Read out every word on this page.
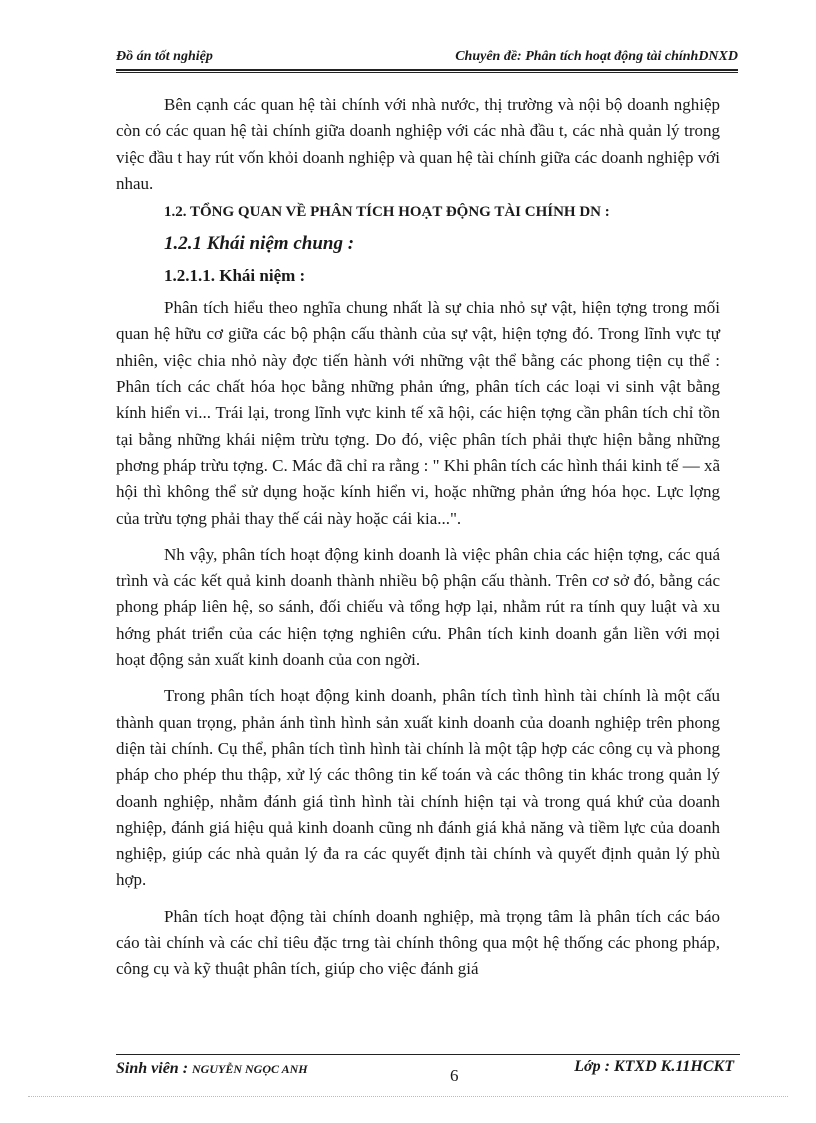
Đồ án tốt nghiệp	Chuyên đề: Phân tích hoạt động tài chínhDNXD

Bên cạnh các quan hệ tài chính với nhà nước, thị trường và nội bộ doanh nghiệp còn có các quan hệ tài chính giữa doanh nghiệp với các nhà đầu t, các nhà quản lý trong việc đầu t hay rút vốn khỏi doanh nghiệp và quan hệ tài chính giữa các doanh nghiệp với nhau.

1.2. TỔNG QUAN VỀ PHÂN TÍCH HOẠT ĐỘNG TÀI CHÍNH DN :
1.2.1 Khái niệm chung :
1.2.1.1. Khái niệm :

Phân tích hiểu theo nghĩa chung nhất là sự chia nhỏ sự vật, hiện tợng trong mối quan hệ hữu cơ giữa các bộ phận cấu thành của sự vật, hiện tợng đó. Trong lĩnh vực tự nhiên, việc chia nhỏ này đợc tiến hành với những vật thể bằng các phong tiện cụ thể : Phân tích các chất hóa học bằng những phản ứng, phân tích các loại vi sinh vật bằng kính hiển vi... Trái lại, trong lĩnh vực kinh tế xã hội, các hiện tợng cần phân tích chỉ tồn tại bằng những khái niệm trừu tợng. Do đó, việc phân tích phải thực hiện bằng những phơng pháp trừu tợng. C. Mác đã chỉ ra rằng : " Khi phân tích các hình thái kinh tế — xã hội thì không thể sử dụng hoặc kính hiển vi, hoặc những phản ứng hóa học. Lực lợng của trừu tợng phải thay thế cái này hoặc cái kia...".

Nh vậy, phân tích hoạt động kinh doanh là việc phân chia các hiện tợng, các quá trình và các kết quả kinh doanh thành nhiều bộ phận cấu thành. Trên cơ sở đó, bằng các phong pháp liên hệ, so sánh, đối chiếu và tổng hợp lại, nhằm rút ra tính quy luật và xu hớng phát triển của các hiện tợng nghiên cứu. Phân tích kinh doanh gắn liền với mọi hoạt động sản xuất kinh doanh của con ngời.

Trong phân tích hoạt động kinh doanh, phân tích tình hình tài chính là một cấu thành quan trọng, phản ánh tình hình sản xuất kinh doanh của doanh nghiệp trên phong diện tài chính. Cụ thể, phân tích tình hình tài chính là một tập hợp các công cụ và phong pháp cho phép thu thập, xử lý các thông tin kế toán và các thông tin khác trong quản lý doanh nghiệp, nhằm đánh giá tình hình tài chính hiện tại và trong quá khứ của doanh nghiệp, đánh giá hiệu quả kinh doanh cũng nh đánh giá khả năng và tiềm lực của doanh nghiệp, giúp các nhà quản lý đa ra các quyết định tài chính và quyết định quản lý phù hợp.

Phân tích hoạt động tài chính doanh nghiệp, mà trọng tâm là phân tích các báo cáo tài chính và các chỉ tiêu đặc trng tài chính thông qua một hệ thống các phong pháp, công cụ và kỹ thuật phân tích, giúp cho việc đánh giá

Sinh viên : NGUYỄN NGỌC ANH	6	Lớp : KTXD K.11HCKT
